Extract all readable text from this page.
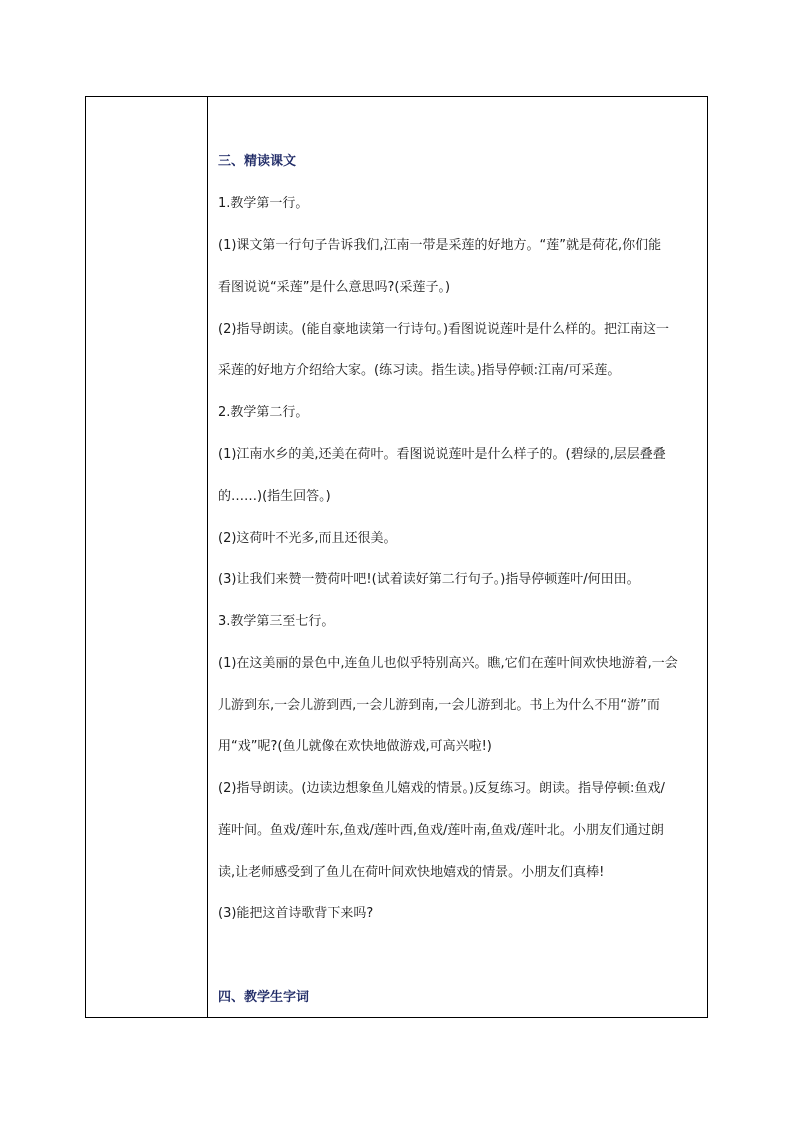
三、精读课文
1.教学第一行。
(1)课文第一行句子告诉我们,江南一带是采莲的好地方。“莲”就是荷花,你们能
看图说说“采莲”是什么意思吗?(采莲子。)
(2)指导朗读。(能自豪地读第一行诗句。)看图说说莲叶是什么样的。把江南这一
采莲的好地方介绍给大家。(练习读。指生读。)指导停顿:江南/可采莲。
2.教学第二行。
(1)江南水乡的美,还美在荷叶。看图说说莲叶是什么样子的。(碧绿的,层层叠叠
的……)(指生回答。)
(2)这荷叶不光多,而且还很美。
(3)让我们来赞一赞荷叶吧!(试着读好第二行句子。)指导停顿莲叶/何田田。
3.教学第三至七行。
(1)在这美丽的景色中,连鱼儿也似乎特别高兴。瞧,它们在莲叶间欢快地游着,一会
儿游到东,一会儿游到西,一会儿游到南,一会儿游到北。书上为什么不用“游”而
用“戏”呢?(鱼儿就像在欢快地做游戏,可高兴啦!)
(2)指导朗读。(边读边想象鱼儿嬉戏的情景。)反复练习。朗读。指导停顿:鱼戏/
莲叶间。鱼戏/莲叶东,鱼戏/莲叶西,鱼戏/莲叶南,鱼戏/莲叶北。小朋友们通过朗
读,让老师感受到了鱼儿在荷叶间欢快地嬉戏的情景。小朋友们真棒!
(3)能把这首诗歌背下来吗?
四、教学生字词
